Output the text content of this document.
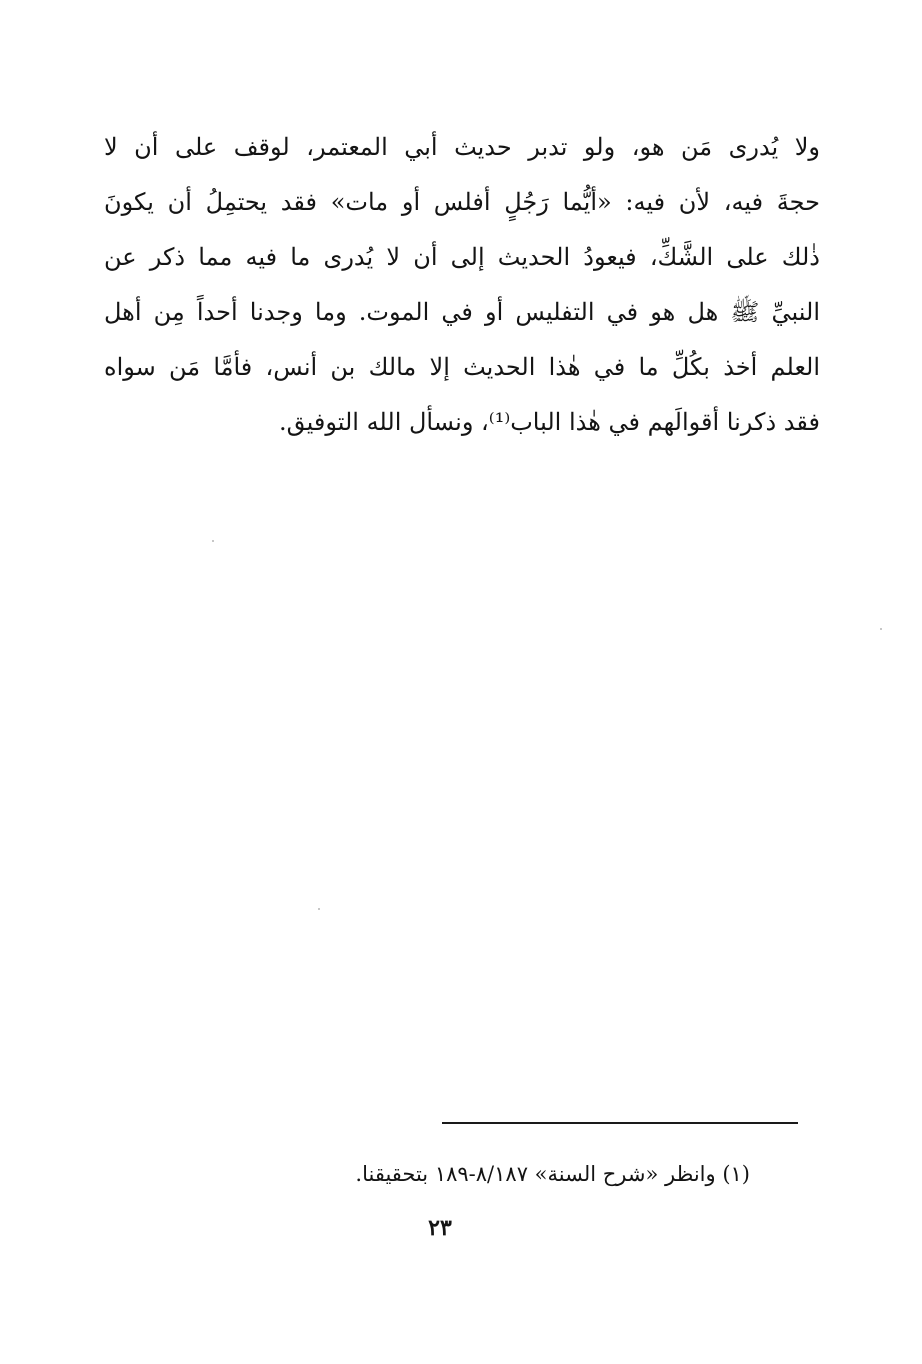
ولا يُدرى مَن هو، ولو تدبر حديث أبي المعتمر، لوقف على أن لا
حجةَ فيه، لأن فيه: «أيُّما رَجُلٍ أفلس أو مات» فقد يحتمِلُ أن يكونَ
ذٰلك على الشَّكِّ، فيعودُ الحديث إلى أن لا يُدرى ما فيه مما ذكر عن
النبيِّ ﷺ هل هو في التفليس أو في الموت. وما وجدنا أحداً مِن أهل
العلم أخذ بكُلِّ ما في هٰذا الحديث إلا مالك بن أنس، فأمَّا مَن سواه
فقد ذكرنا أقوالَهم في هٰذا الباب⁽¹⁾، ونسأل الله التوفيق.
(١) وانظر «شرح السنة» ٨/١٨٧-١٨٩ بتحقيقنا.
٢٣
